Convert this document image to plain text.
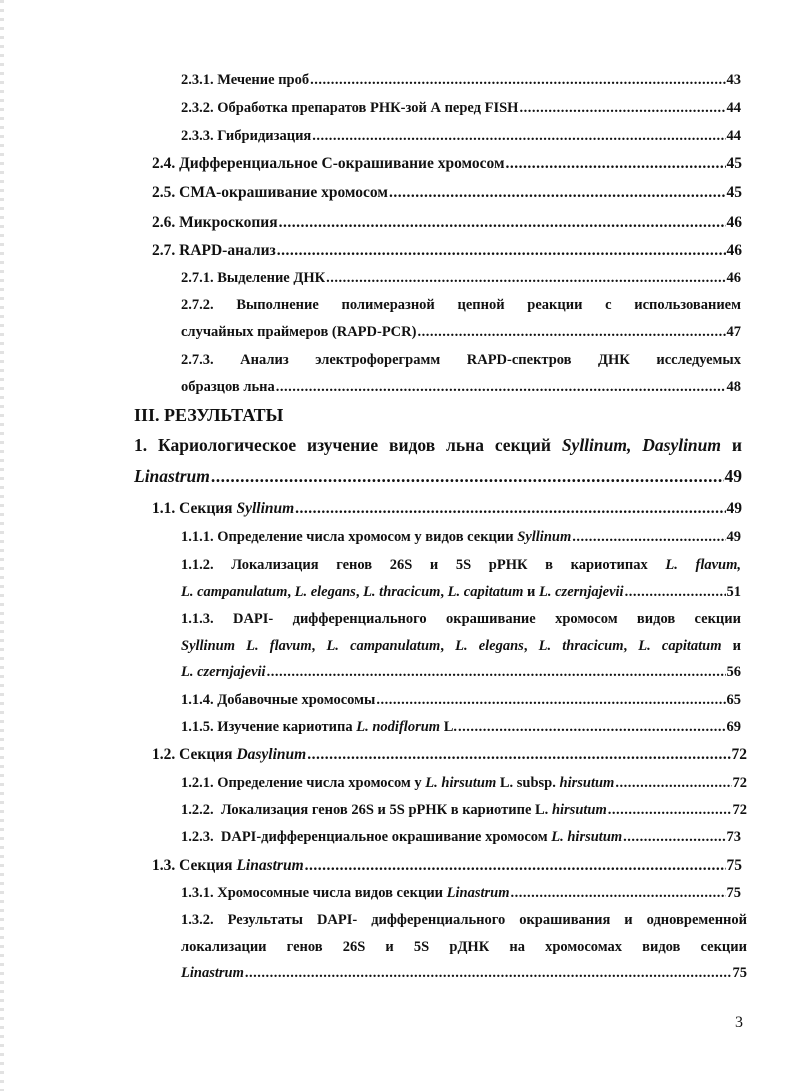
2.3.1. Мечение проб .....	43
2.3.2. Обработка препаратов РНК-зой А перед FISH .....	44
2.3.3. Гибридизация .....	44
2.4. Дифференциальное С-окрашивание хромосом .....	45
2.5. СМА-окрашивание хромосом .....	45
2.6. Микроскопия .....	46
2.7. RAPD-анализ .....	46
2.7.1. Выделение ДНК .....	46
2.7.2. Выполнение полимеразной цепной реакции с использованием
случайных праймеров (RAPD-PCR) .....	47
2.7.3. Анализ электрофореграмм RAPD-спектров ДНК исследуемых
образцов льна .....	48
III. РЕЗУЛЬТАТЫ
1. Кариологическое изучение видов льна секций Syllinum, Dasylinum и
Linastrum .....	49
1.1. Секция Syllinum .....	49
1.1.1. Определение числа хромосом у видов секции Syllinum .....	49
1.1.2. Локализация генов 26S и 5S рРНК в кариотипах L. flavum,
L. campanulatum, L. elegans, L. thracicum, L. capitatum и L. czernjajevii .....	51
1.1.3. DAPI- дифференциального окрашивание хромосом видов секции
Syllinum L. flavum, L. campanulatum, L. elegans, L. thracicum, L. capitatum и
L. czernjajevii .....	56
1.1.4. Добавочные хромосомы .....	65
1.1.5. Изучение кариотипа L. nodiflorum L. .....	69
1.2. Секция Dasylinum .....	72
1.2.1. Определение числа хромосом у L. hirsutum L. subsp. hirsutum .....	72
1.2.2. Локализация генов 26S и 5S рРНК в кариотипе L. hirsutum .....	72
1.2.3. DAPI-дифференциальное окрашивание хромосом L. hirsutum .....	73
1.3. Секция Linastrum .....	75
1.3.1. Хромосомные числа видов секции Linastrum .....	75
1.3.2. Результаты DAPI- дифференциального окрашивания и одновременной
локализации генов 26S и 5S рДНК на хромосомах видов секции
Linastrum .....	75
3
